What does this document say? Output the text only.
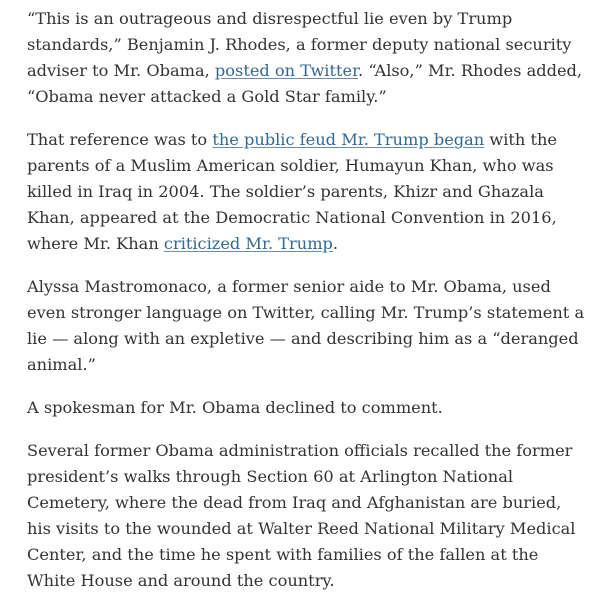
“This is an outrageous and disrespectful lie even by Trump standards,” Benjamin J. Rhodes, a former deputy national security adviser to Mr. Obama, posted on Twitter. “Also,” Mr. Rhodes added, “Obama never attacked a Gold Star family.”

That reference was to the public feud Mr. Trump began with the parents of a Muslim American soldier, Humayun Khan, who was killed in Iraq in 2004. The soldier’s parents, Khizr and Ghazala Khan, appeared at the Democratic National Convention in 2016, where Mr. Khan criticized Mr. Trump.

Alyssa Mastromonaco, a former senior aide to Mr. Obama, used even stronger language on Twitter, calling Mr. Trump’s statement a lie — along with an expletive — and describing him as a “deranged animal.”

A spokesman for Mr. Obama declined to comment.

Several former Obama administration officials recalled the former president’s walks through Section 60 at Arlington National Cemetery, where the dead from Iraq and Afghanistan are buried, his visits to the wounded at Walter Reed National Military Medical Center, and the time he spent with families of the fallen at the White House and around the country.
